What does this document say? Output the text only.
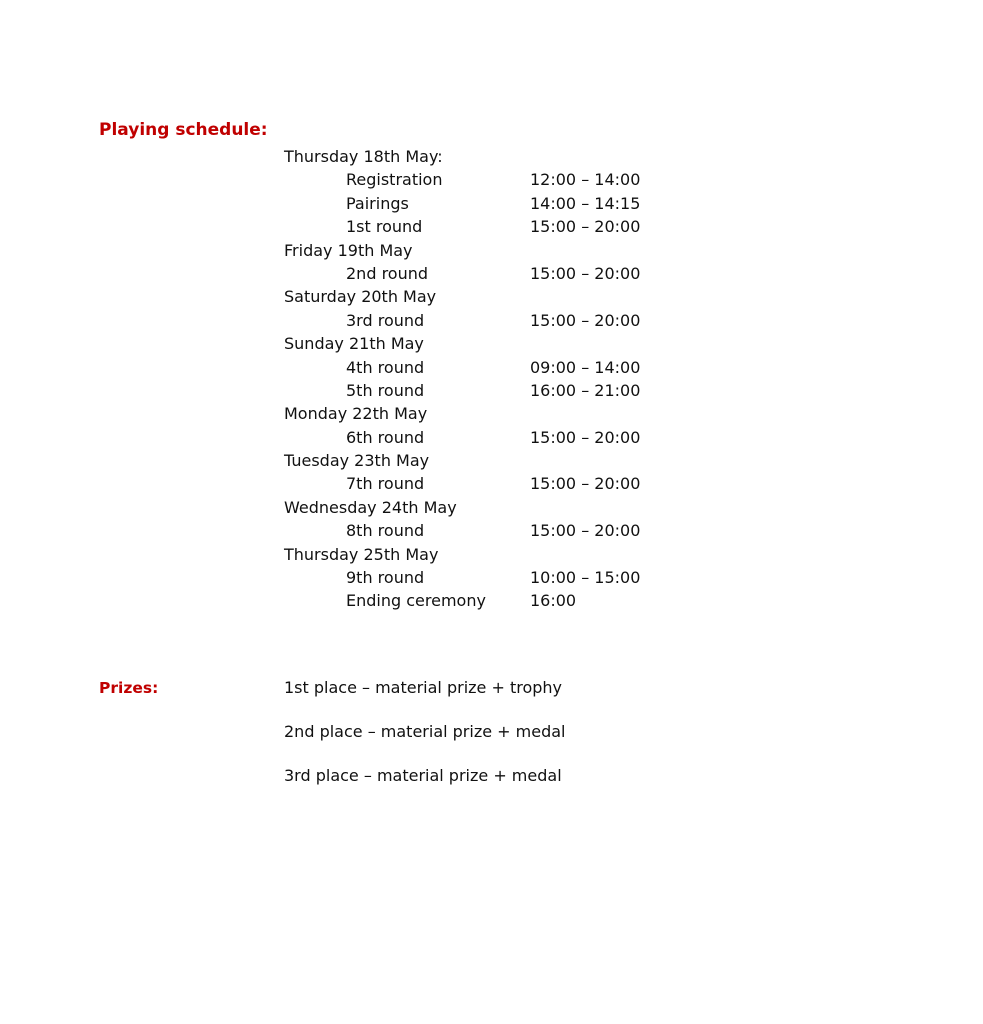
Playing schedule:
Thursday 18th May:
Registration	12:00 – 14:00
Pairings	14:00 – 14:15
1st round	15:00 – 20:00
Friday 19th May
2nd round	15:00 – 20:00
Saturday 20th May
3rd round	15:00 – 20:00
Sunday 21th May
4th round	09:00 – 14:00
5th round	16:00 – 21:00
Monday 22th May
6th round	15:00 – 20:00
Tuesday 23th May
7th round	15:00 – 20:00
Wednesday 24th May
8th round	15:00 – 20:00
Thursday 25th May
9th round	10:00 – 15:00
Ending ceremony	16:00
Prizes:	1st place – material prize + trophy
2nd place – material prize + medal
3rd place – material prize + medal
